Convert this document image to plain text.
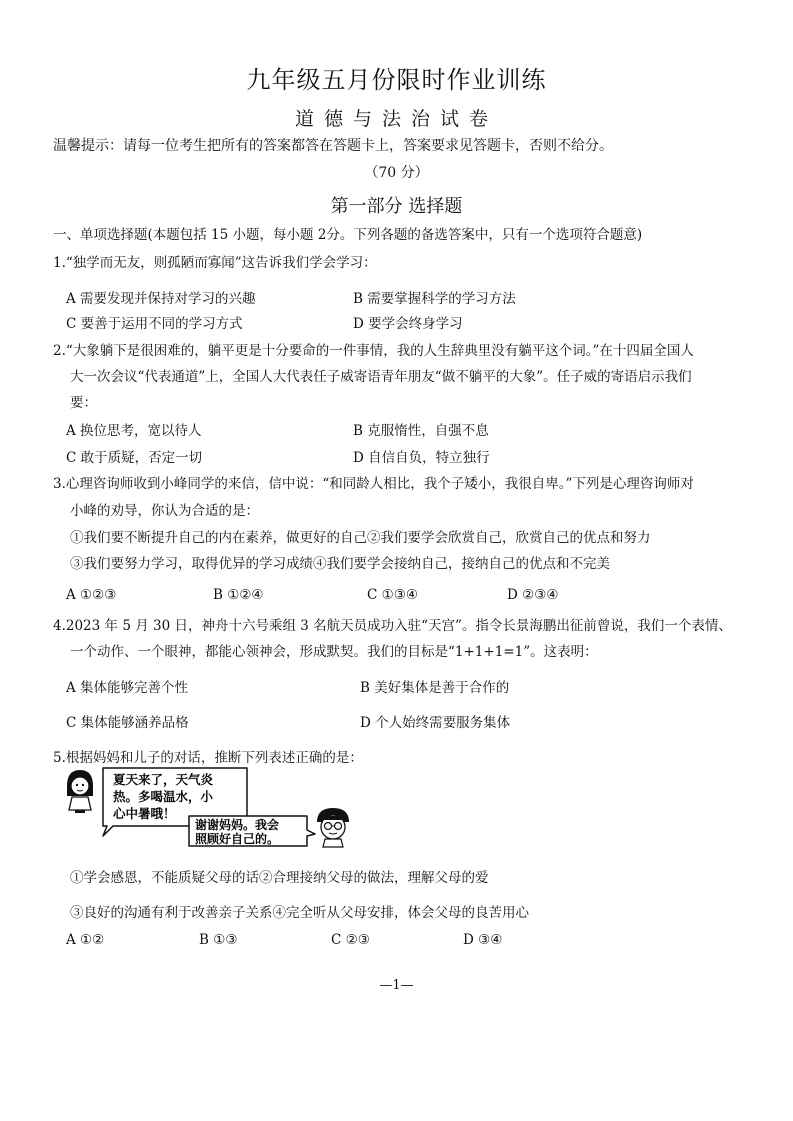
九年级五月份限时作业训练
道德与法治试卷
温馨提示：请每一位考生把所有的答案都答在答题卡上，答案要求见答题卡，否则不给分。
（70 分）
第一部分 选择题
一、单项选择题(本题包括 15 小题，每小题 2分。下列各题的备选答案中，只有一个选项符合题意)
1.“独学而无友，则孤陋而寡闻”这告诉我们学会学习：
A 需要发现并保持对学习的兴趣	B 需要掌握科学的学习方法
C 要善于运用不同的学习方式	D 要学会终身学习
2.“大象躺下是很困难的，躺平更是十分要命的一件事情，我的人生辞典里没有躺平这个词。”在十四届全国人
大一次会议“代表通道”上，全国人大代表任子威寄语青年朋友“做不躺平的大象”。任子威的寄语启示我们
要：
A 换位思考，宽以待人	B 克服惰性，自强不息
C 敢于质疑，否定一切	D 自信自负，特立独行
3.心理咨询师收到小峰同学的来信，信中说：“和同龄人相比，我个子矮小，我很自卑。”下列是心理咨询师对
小峰的劝导，你认为合适的是：
①我们要不断提升自己的内在素养，做更好的自己②我们要学会欣赏自己，欣赏自己的优点和努力
③我们要努力学习，取得优异的学习成绩④我们要学会接纳自己，接纳自己的优点和不完美
A ①②③	B ①②④	C ①③④	D ②③④
4.2023 年 5 月 30 日，神舟十六号乘组 3 名航天员成功入驻“天宫”。指令长景海鹏出征前曾说，我们一个表情、
一个动作、一个眼神，都能心领神会，形成默契。我们的目标是“1+1+1=1”。这表明：
A 集体能够完善个性	B 美好集体是善于合作的
C 集体能够涵养品格	D 个人始终需要服务集体
5.根据妈妈和儿子的对话，推断下列表述正确的是：
夏天来了，天气炎
热。多喝温水，小
心中暑哦！
谢谢妈妈。我会
照顾好自己的。
①学会感恩，不能质疑父母的话②合理接纳父母的做法，理解父母的爱
③良好的沟通有利于改善亲子关系④完全听从父母安排，体会父母的良苦用心
A ①②	B ①③	C ②③	D ③④
—1—
